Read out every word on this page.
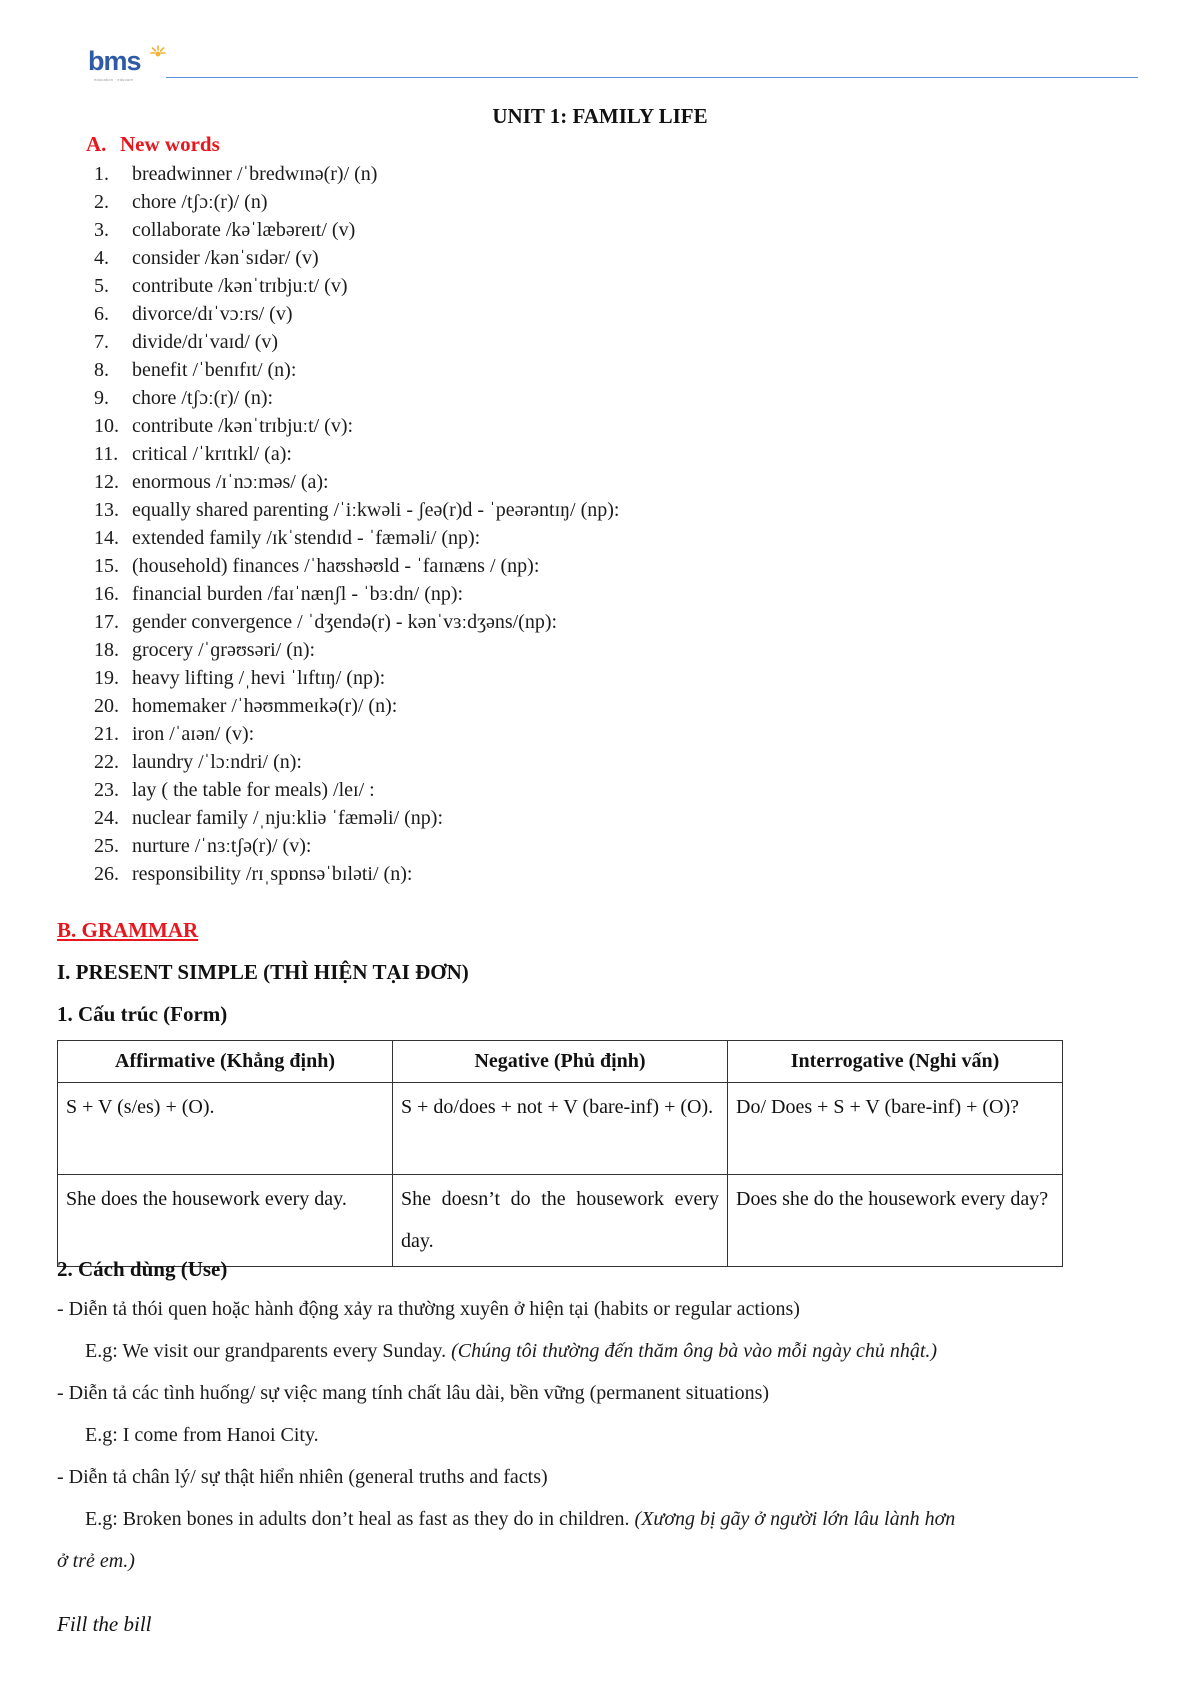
bms
education · educare
UNIT 1: FAMILY LIFE
A. New words
1. breadwinner /ˈbredwɪnə(r)/ (n)
2. chore /tʃɔː(r)/ (n)
3. collaborate /kəˈlæbəreɪt/ (v)
4. consider /kənˈsɪdər/ (v)
5. contribute /kənˈtrɪbjuːt/ (v)
6. divorce/dɪˈvɔːrs/ (v)
7. divide/dɪˈvaɪd/ (v)
8. benefit /ˈbenɪfɪt/ (n):
9. chore /tʃɔː(r)/ (n):
10. contribute /kənˈtrɪbjuːt/ (v):
11. critical /ˈkrɪtɪkl/ (a):
12. enormous /ɪˈnɔːməs/ (a):
13. equally shared parenting /ˈiːkwəli - ʃeə(r)d - ˈpeərəntɪŋ/ (np):
14. extended family /ɪkˈstendɪd - ˈfæməli/ (np):
15. (household) finances /ˈhaʊshəʊld - ˈfaɪnæns / (np):
16. financial burden /faɪˈnænʃl - ˈbɜːdn/ (np):
17. gender convergence / ˈdʒendə(r) - kənˈvɜːdʒəns/(np):
18. grocery /ˈɡrəʊsəri/ (n):
19. heavy lifting /ˌhevi ˈlɪftɪŋ/ (np):
20. homemaker /ˈhəʊmmeɪkə(r)/ (n):
21. iron /ˈaɪən/ (v):
22. laundry /ˈlɔːndri/ (n):
23. lay ( the table for meals) /leɪ/ :
24. nuclear family /ˌnjuːkliə ˈfæməli/ (np):
25. nurture /ˈnɜːtʃə(r)/ (v):
26. responsibility /rɪˌspɒnsəˈbɪləti/ (n):
B. GRAMMAR
I. PRESENT SIMPLE (THÌ HIỆN TẠI ĐƠN)
1. Cấu trúc (Form)
Affirmative (Khẳng định)	Negative (Phủ định)	Interrogative (Nghi vấn)
S + V (s/es) + (O).	S + do/does + not + V (bare-inf) + (O).	Do/ Does + S + V (bare-inf) + (O)?
She does the housework every day.	She doesn’t do the housework every day.	Does she do the housework every day?
2. Cách dùng (Use)
- Diễn tả thói quen hoặc hành động xảy ra thường xuyên ở hiện tại (habits or regular actions)
E.g: We visit our grandparents every Sunday. (Chúng tôi thường đến thăm ông bà vào mỗi ngày chủ nhật.)
- Diễn tả các tình huống/ sự việc mang tính chất lâu dài, bền vững (permanent situations)
E.g: I come from Hanoi City.
- Diễn tả chân lý/ sự thật hiển nhiên (general truths and facts)
E.g: Broken bones in adults don’t heal as fast as they do in children. (Xương bị gãy ở người lớn lâu lành hơn
ở trẻ em.)
Fill the bill
